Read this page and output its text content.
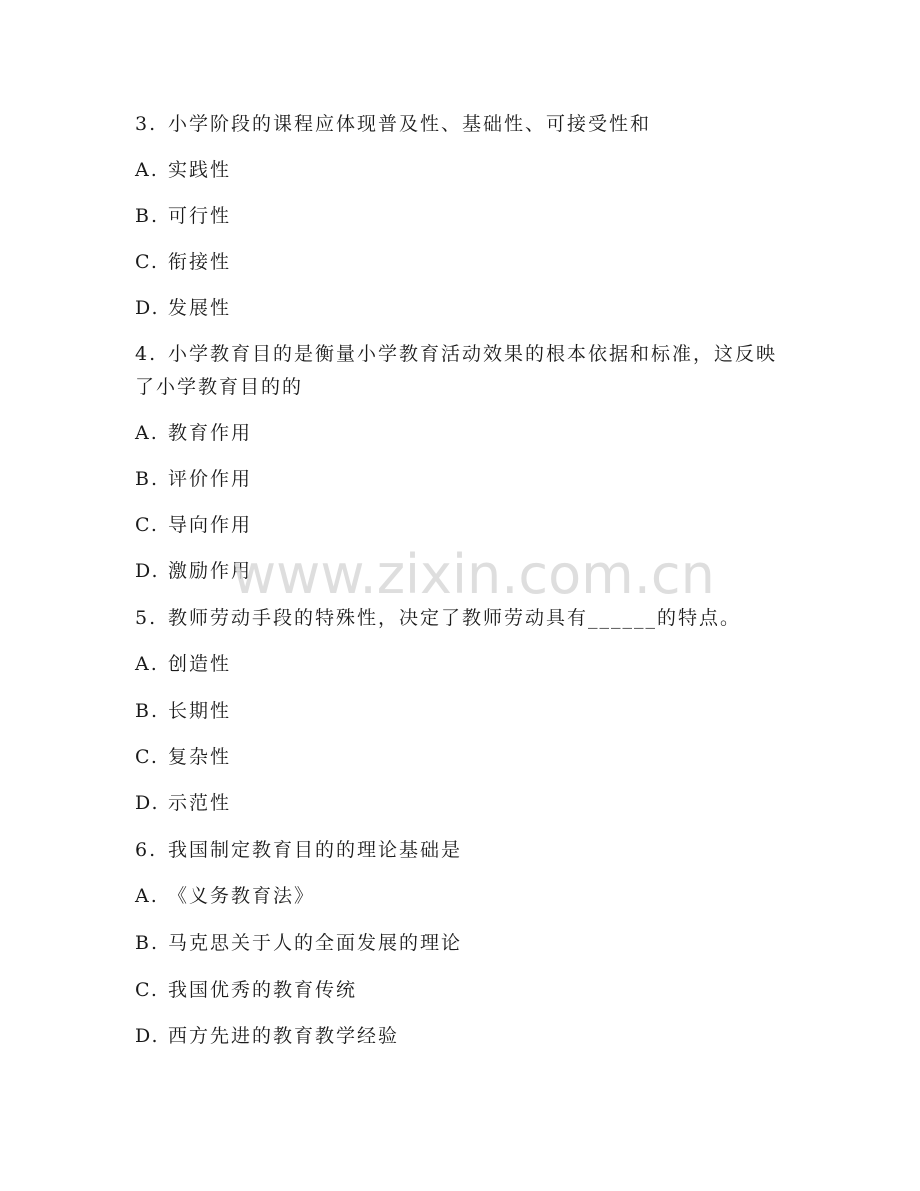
3. 小学阶段的课程应体现普及性、基础性、可接受性和
A. 实践性
B. 可行性
C. 衔接性
D. 发展性
4. 小学教育目的是衡量小学教育活动效果的根本依据和标准，这反映
了小学教育目的的
A. 教育作用
B. 评价作用
C. 导向作用
D. 激励作用
5. 教师劳动手段的特殊性，决定了教师劳动具有______的特点。
A. 创造性
B. 长期性
C. 复杂性
D. 示范性
6. 我国制定教育目的的理论基础是
A. 《义务教育法》
B. 马克思关于人的全面发展的理论
C. 我国优秀的教育传统
D. 西方先进的教育教学经验
www.zixin.com.cn
